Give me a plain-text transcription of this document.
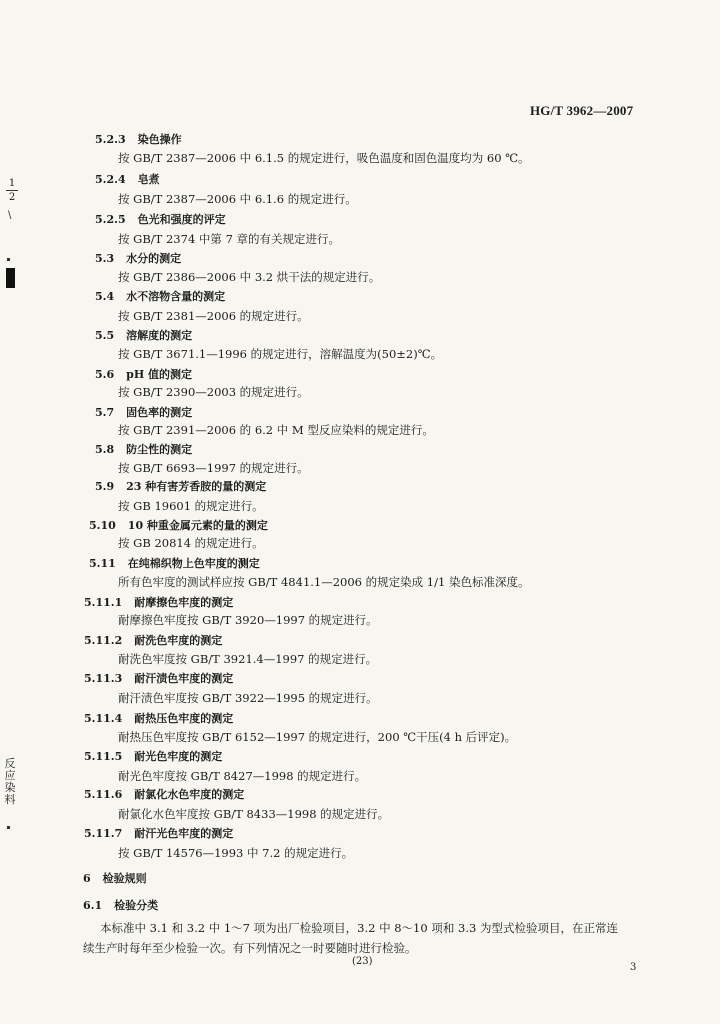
HG/T 3962—2007
1
2
\
反
应
染
料
5.2.3 染色操作
按 GB/T 2387—2006 中 6.1.5 的规定进行，吸色温度和固色温度均为 60 ℃。
5.2.4 皂煮
按 GB/T 2387—2006 中 6.1.6 的规定进行。
5.2.5 色光和强度的评定
按 GB/T 2374 中第 7 章的有关规定进行。
5.3 水分的测定
按 GB/T 2386—2006 中 3.2 烘干法的规定进行。
5.4 水不溶物含量的测定
按 GB/T 2381—2006 的规定进行。
5.5 溶解度的测定
按 GB/T 3671.1—1996 的规定进行，溶解温度为(50±2)℃。
5.6 pH 值的测定
按 GB/T 2390—2003 的规定进行。
5.7 固色率的测定
按 GB/T 2391—2006 的 6.2 中 M 型反应染料的规定进行。
5.8 防尘性的测定
按 GB/T 6693—1997 的规定进行。
5.9 23 种有害芳香胺的量的测定
按 GB 19601 的规定进行。
5.10 10 种重金属元素的量的测定
按 GB 20814 的规定进行。
5.11 在纯棉织物上色牢度的测定
所有色牢度的测试样应按 GB/T 4841.1—2006 的规定染成 1/1 染色标准深度。
5.11.1 耐摩擦色牢度的测定
耐摩擦色牢度按 GB/T 3920—1997 的规定进行。
5.11.2 耐洗色牢度的测定
耐洗色牢度按 GB/T 3921.4—1997 的规定进行。
5.11.3 耐汗渍色牢度的测定
耐汗渍色牢度按 GB/T 3922—1995 的规定进行。
5.11.4 耐热压色牢度的测定
耐热压色牢度按 GB/T 6152—1997 的规定进行，200 ℃干压(4 h 后评定)。
5.11.5 耐光色牢度的测定
耐光色牢度按 GB/T 8427—1998 的规定进行。
5.11.6 耐氯化水色牢度的测定
耐氯化水色牢度按 GB/T 8433—1998 的规定进行。
5.11.7 耐汗光色牢度的测定
按 GB/T 14576—1993 中 7.2 的规定进行。
6 检验规则
6.1 检验分类
本标准中 3.1 和 3.2 中 1～7 项为出厂检验项目，3.2 中 8～10 项和 3.3 为型式检验项目，在正常连
续生产时每年至少检验一次。有下列情况之一时要随时进行检验。
(23)
3
